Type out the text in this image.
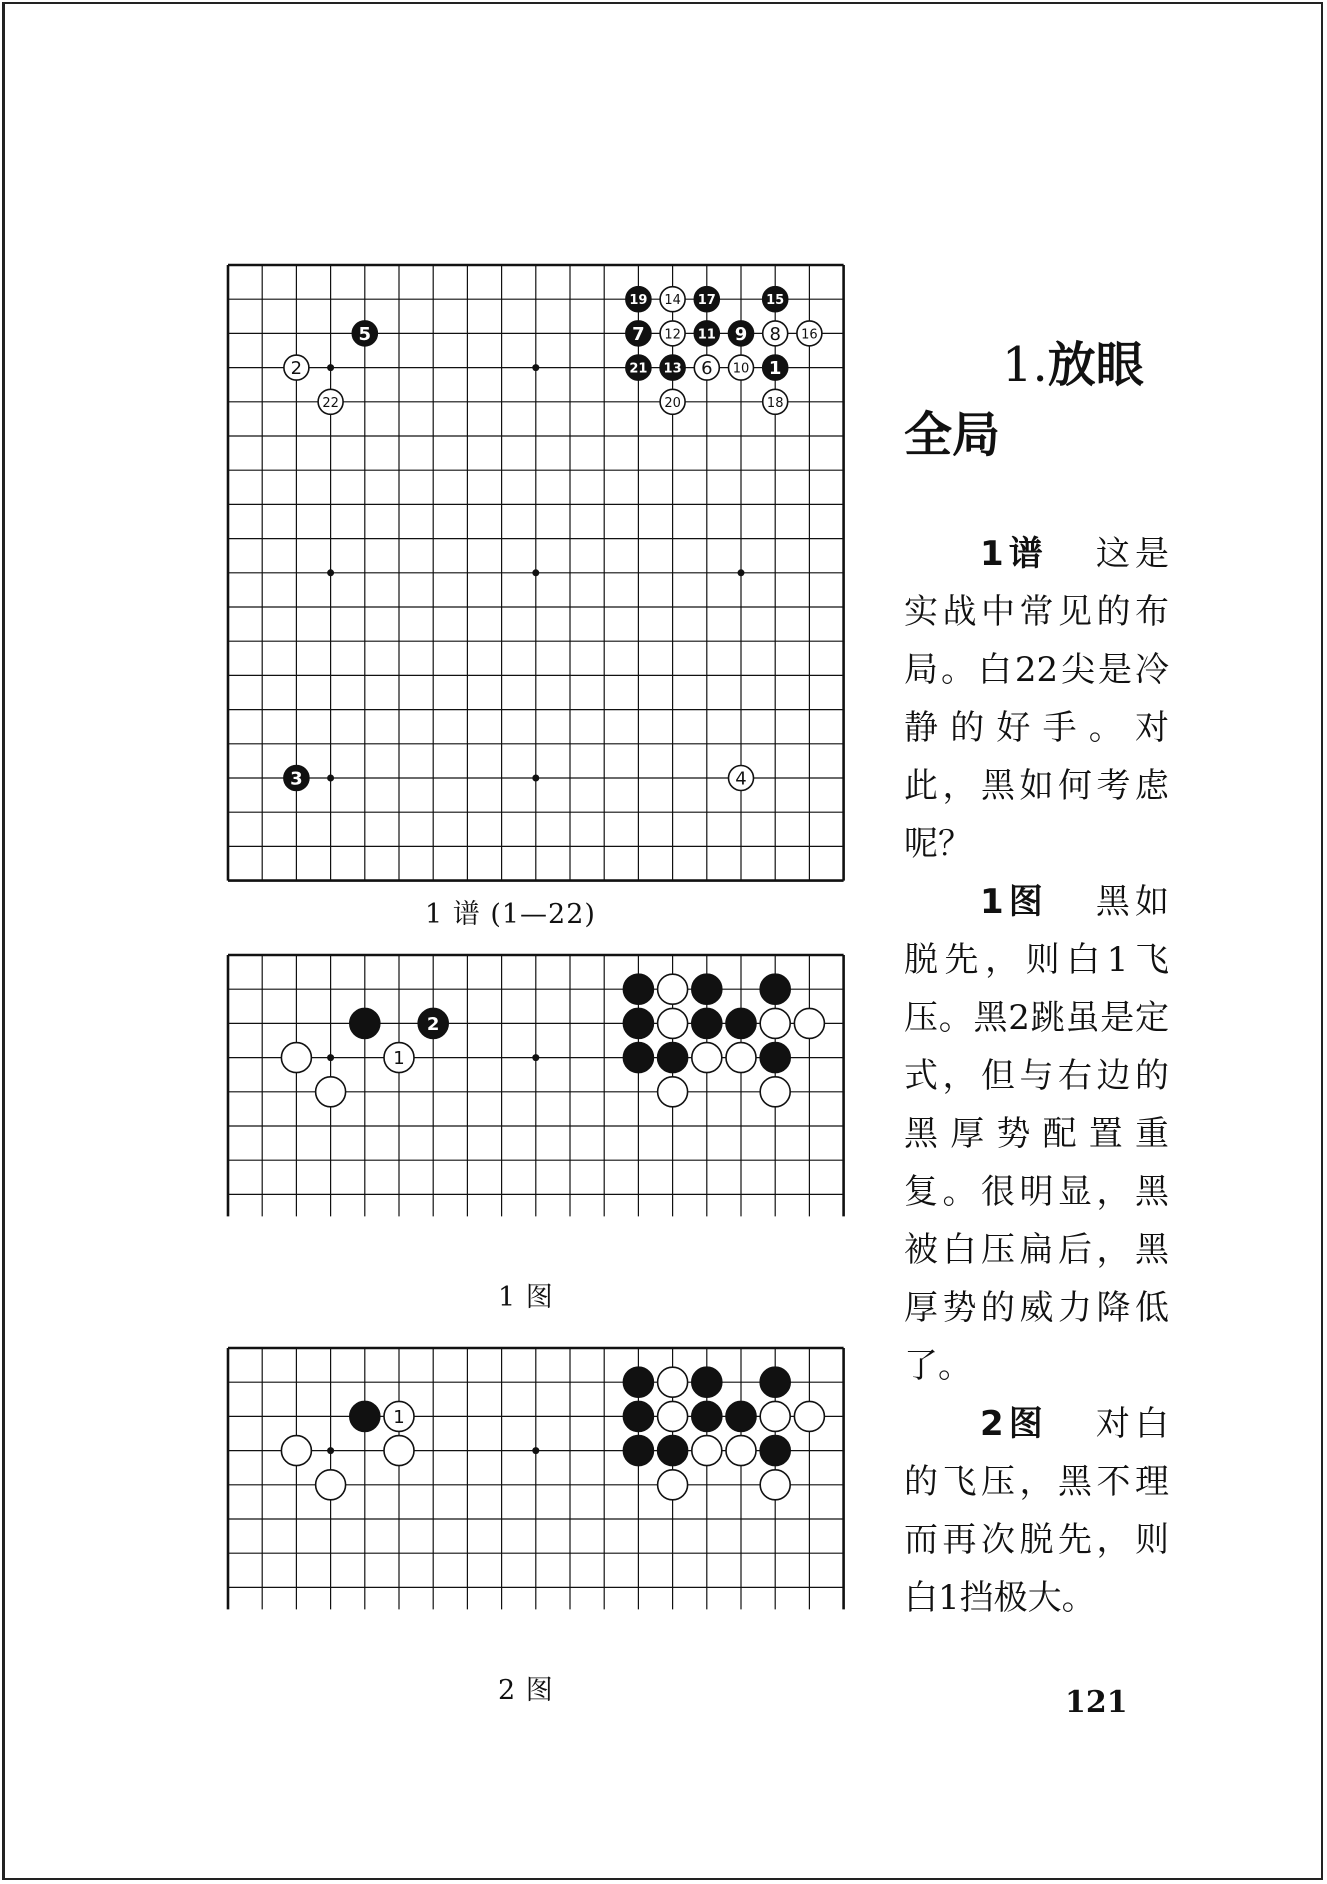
19 14 17	15
7 12 11 9 8 16
21 13 6 10 1
20	18
5
2
22
3	4
1 谱 (1—22)
2
1
1 图
1
2 图
1.放眼
全局

1谱 这是实战中常见的布局。白22尖是冷静的好手。对此，黑如何考虑呢？

1图 黑如脱先，则白1飞压。黑2跳虽是定式，但与右边的黑厚势配置重复。很明显，黑被白压扁后，黑厚势的威力降低了。

2图 对白的飞压，黑不理而再次脱先，则白1挡极大。

121
